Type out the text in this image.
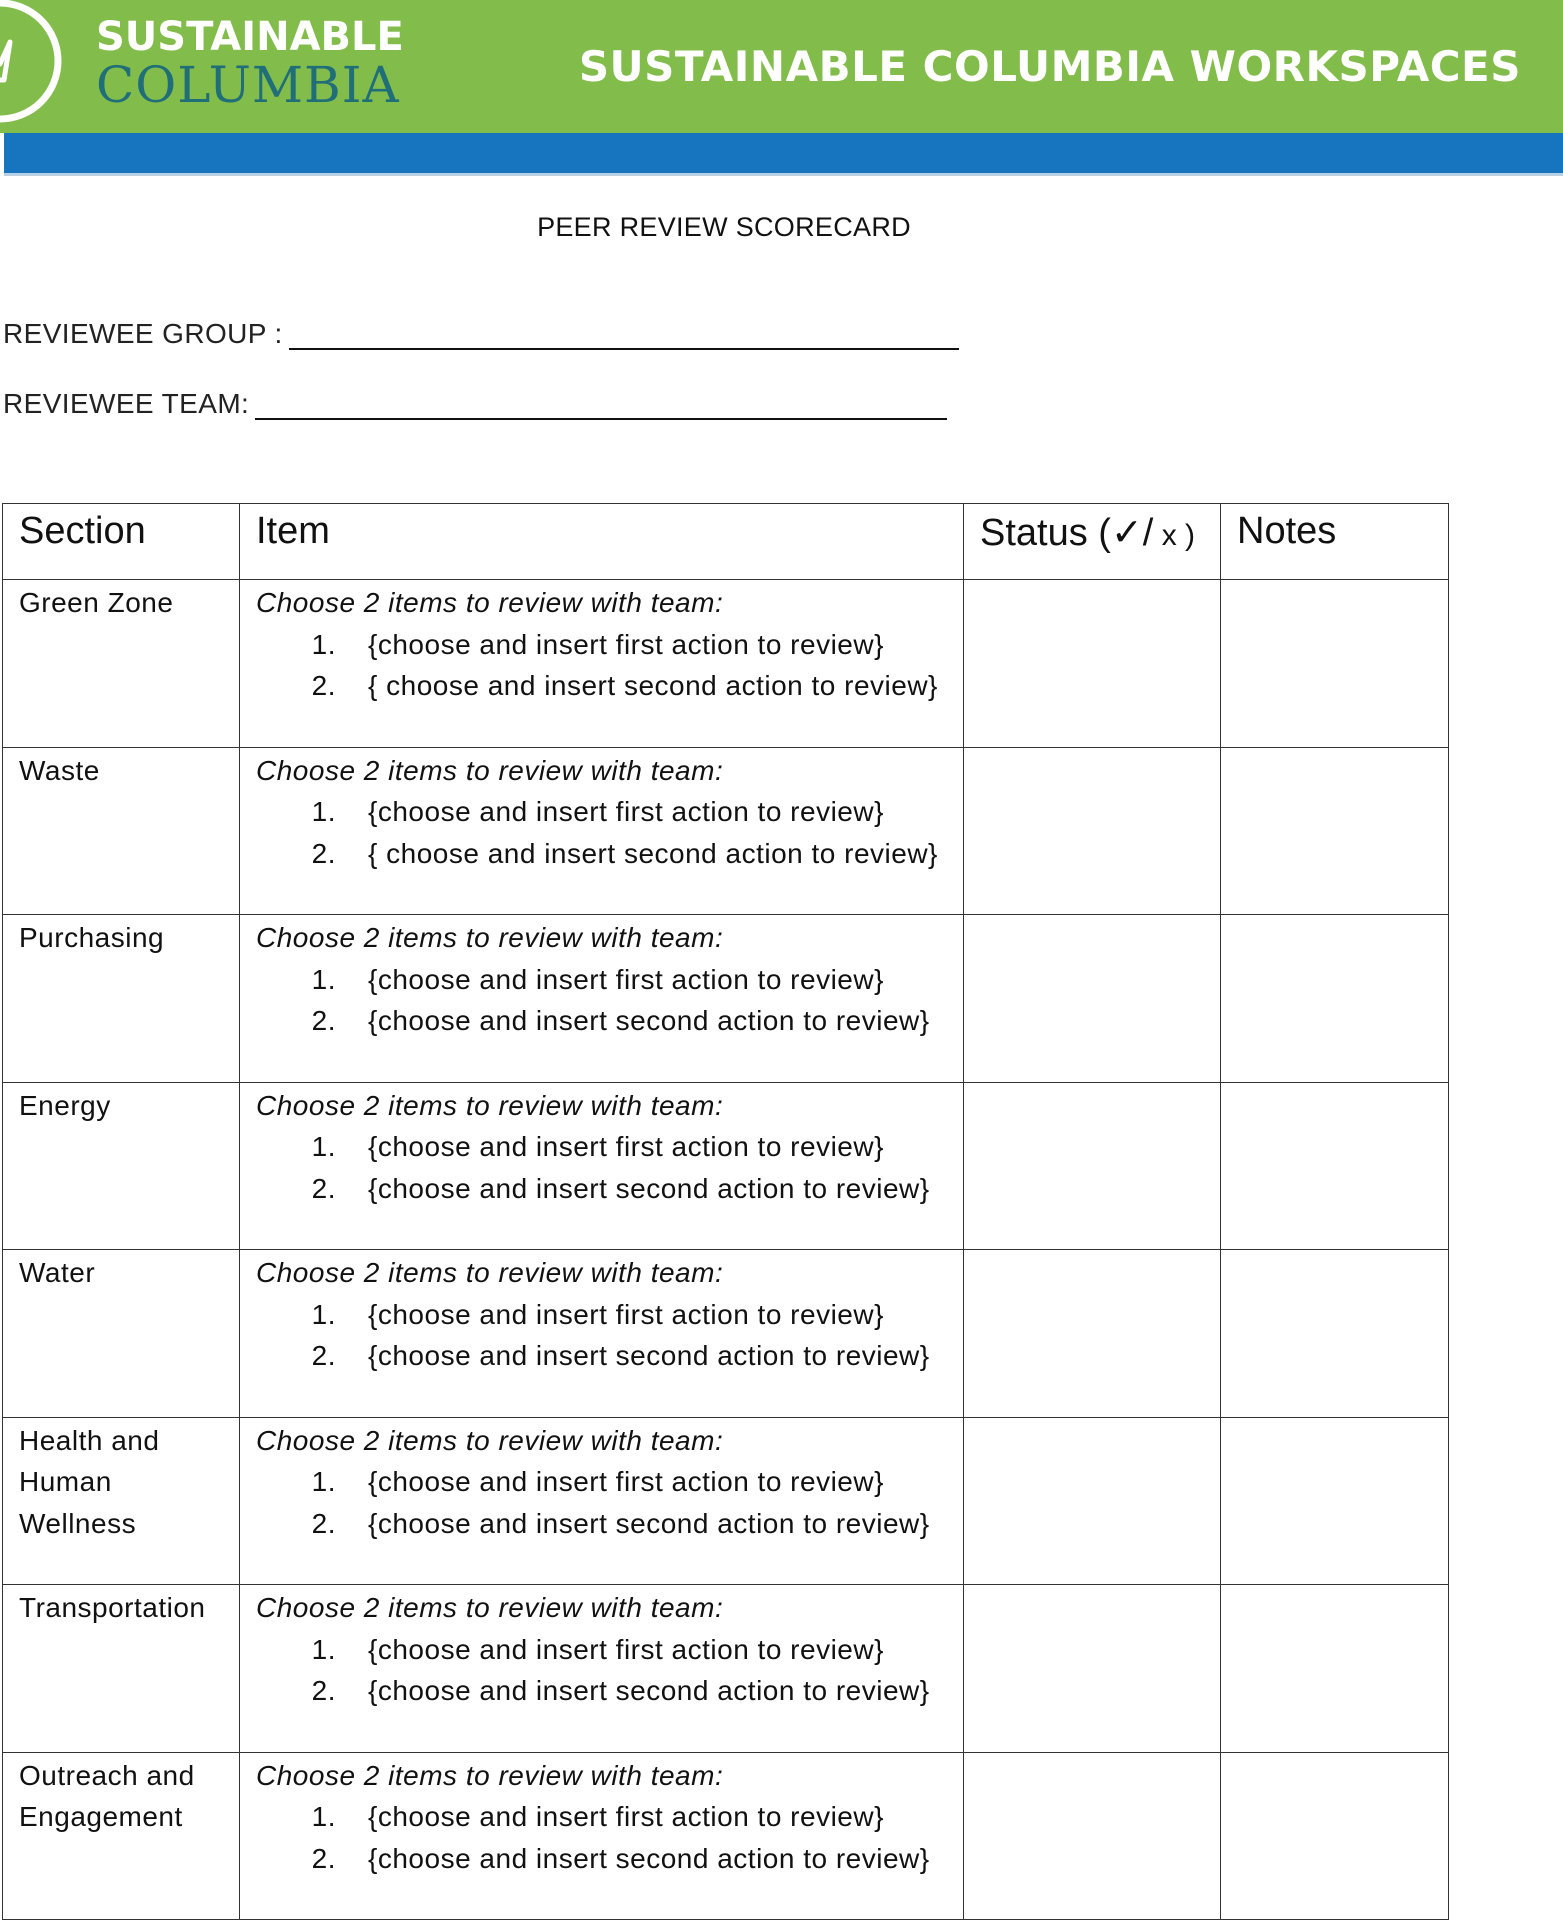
SUSTAINABLE
COLUMBIA	SUSTAINABLE COLUMBIA WORKSPACES
PEER REVIEW SCORECARD
REVIEWEE GROUP :
REVIEWEE TEAM:
Section	Item	Status (✓/ x )	Notes
Green Zone	Choose 2 items to review with team:
1. {choose and insert first action to review}
2. { choose and insert second action to review}		

Waste	Choose 2 items to review with team:
1. {choose and insert first action to review}
2. { choose and insert second action to review}		

Purchasing	Choose 2 items to review with team:
1. {choose and insert first action to review}
2. {choose and insert second action to review}		

Energy	Choose 2 items to review with team:
1. {choose and insert first action to review}
2. {choose and insert second action to review}		

Water	Choose 2 items to review with team:
1. {choose and insert first action to review}
2. {choose and insert second action to review}		

Health and Human Wellness	Choose 2 items to review with team:
1. {choose and insert first action to review}
2. {choose and insert second action to review}		

Transportation	Choose 2 items to review with team:
1. {choose and insert first action to review}
2. {choose and insert second action to review}		

Outreach and Engagement	Choose 2 items to review with team:
1. {choose and insert first action to review}
2. {choose and insert second action to review}		
